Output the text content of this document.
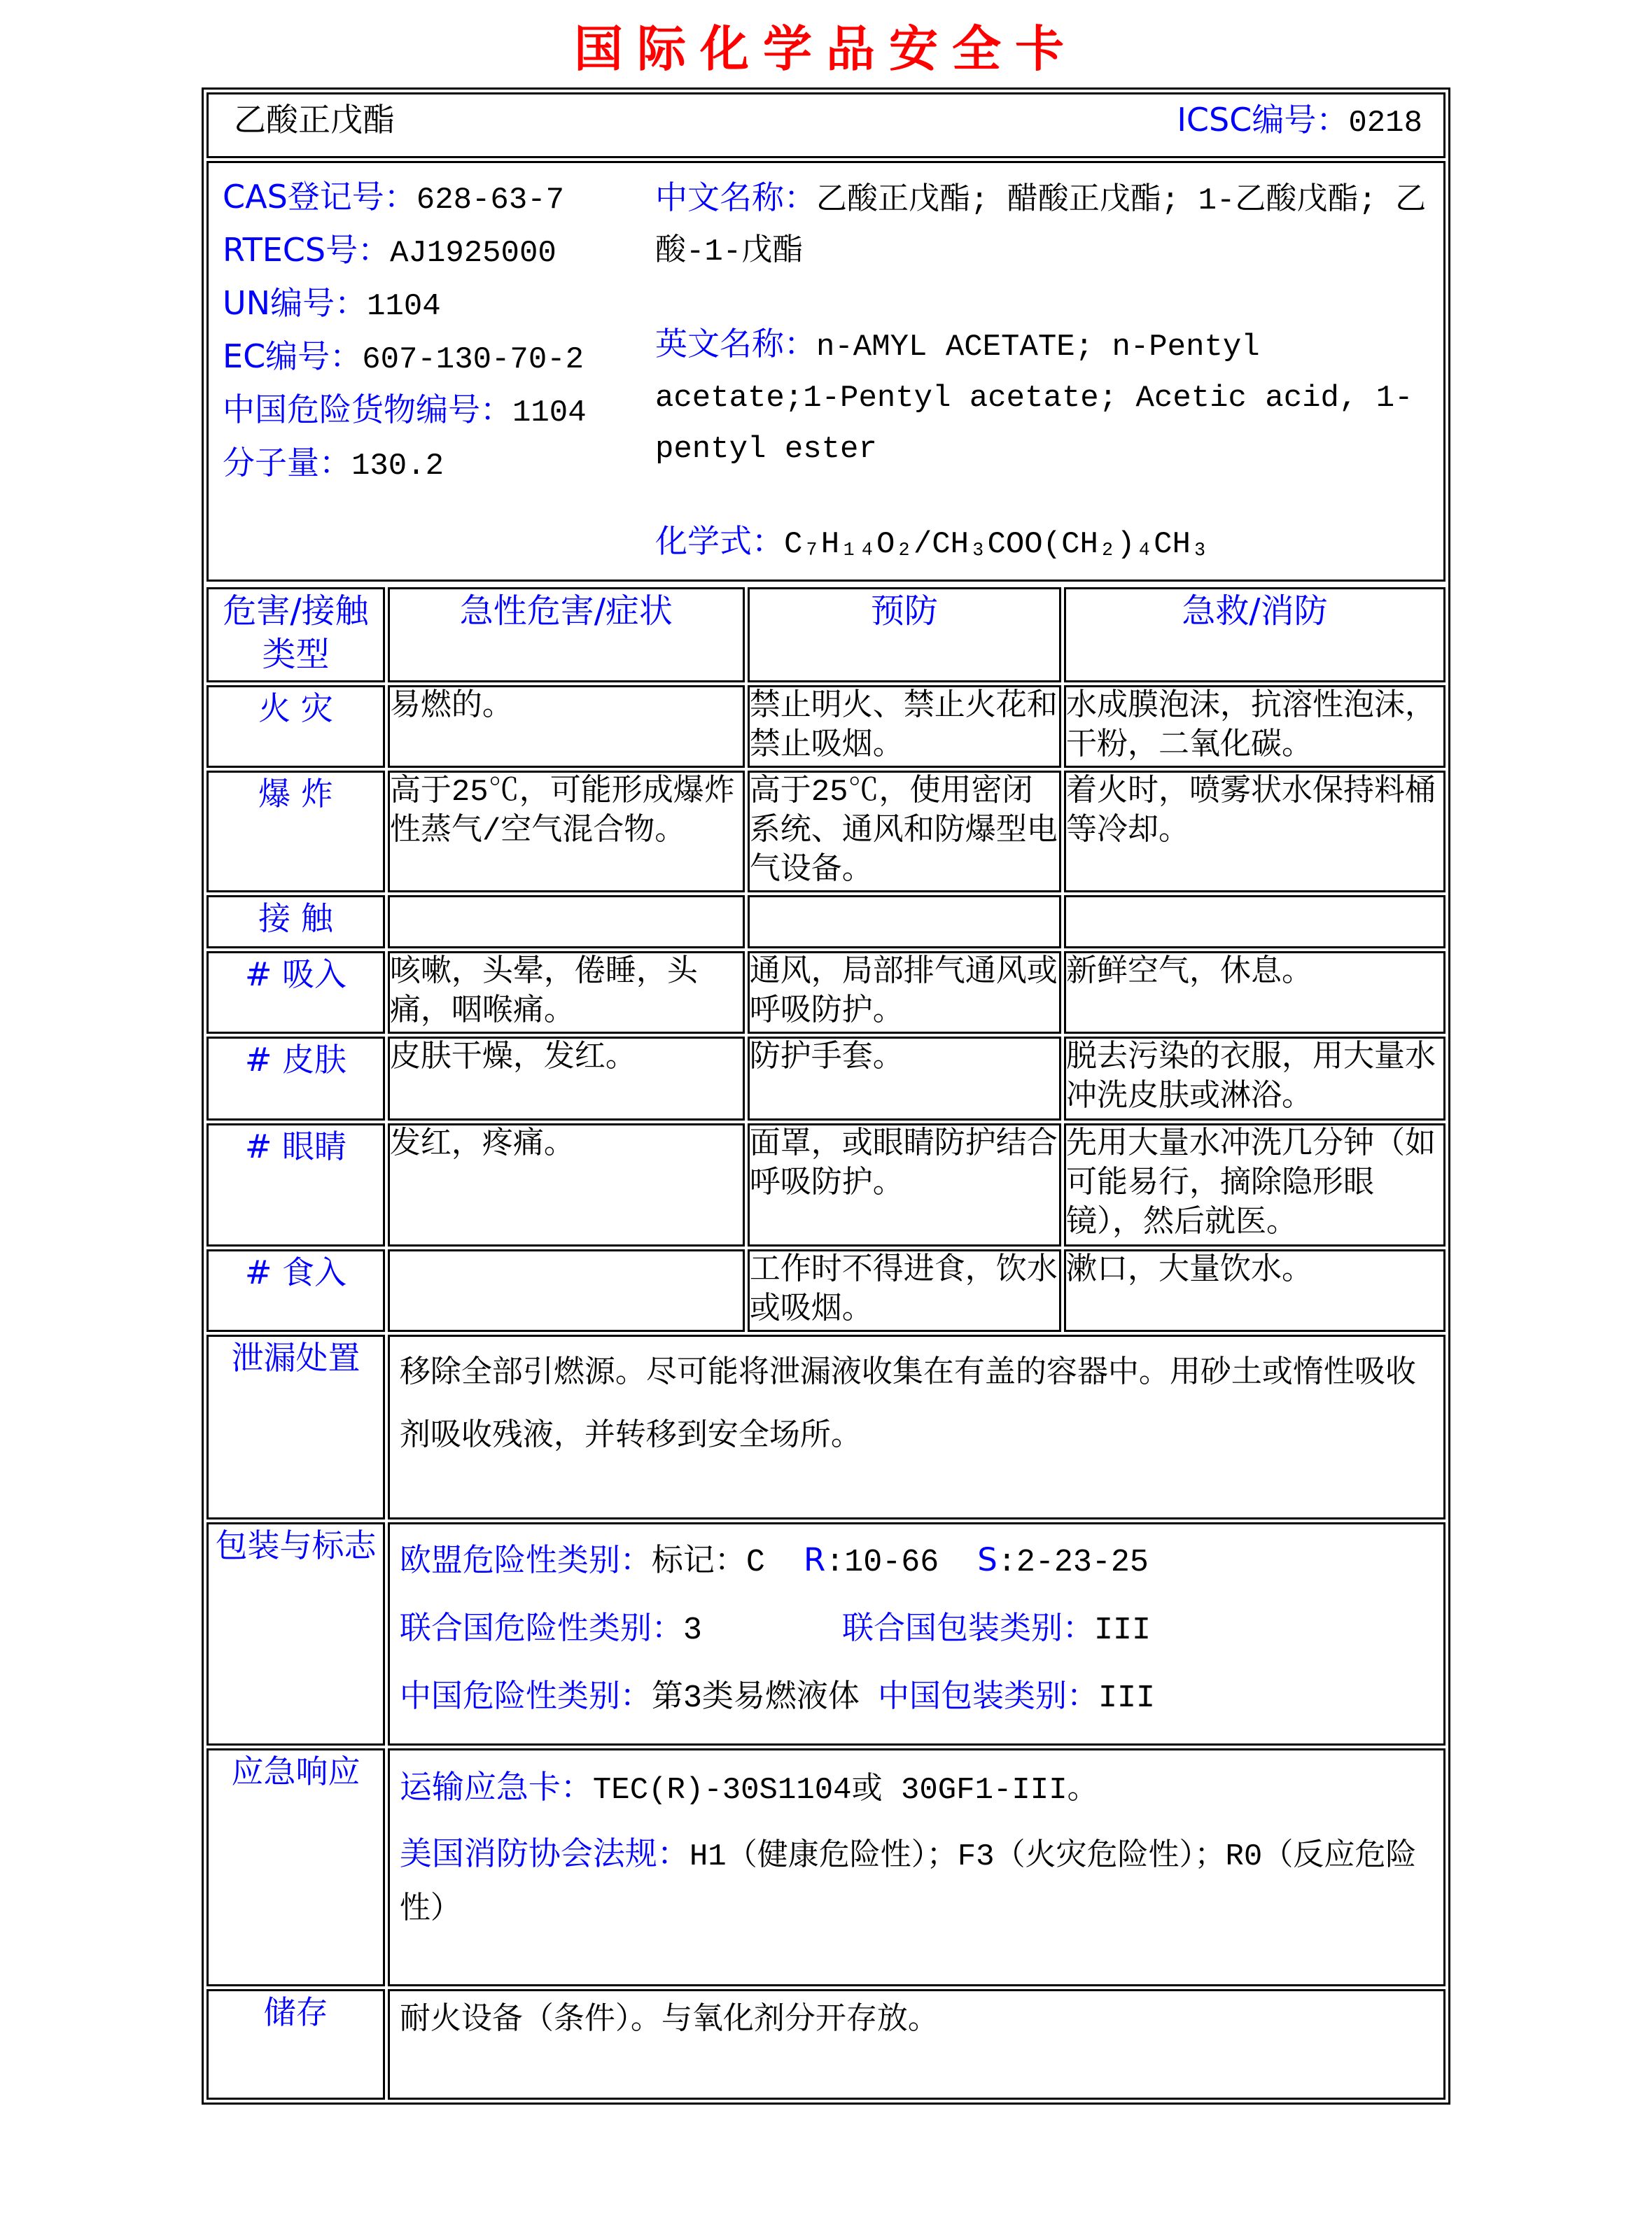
国际化学品安全卡
乙酸正戊酯	ICSC编号：0218

CAS登记号：628-63-7
RTECS号：AJ1925000
UN编号：1104
EC编号：607-130-70-2
中国危险货物编号：1104
分子量：130.2
中文名称：乙酸正戊酯; 醋酸正戊酯; 1-乙酸戊酯; 乙酸-1-戊酯
英文名称：n-AMYL ACETATE; n-Pentyl acetate;1-Pentyl acetate; Acetic acid, 1-pentyl ester
化学式：C₇H₁₄O₂/CH₃COO(CH₂)₄CH₃
危害/接触 类型	急性危害/症状	预防	急救/消防

火 灾	易燃的。	禁止明火、禁止火花和禁止吸烟。	水成膜泡沫，抗溶性泡沫，干粉，二氧化碳。
爆 炸	高于25℃，可能形成爆炸性蒸气/空气混合物。	高于25℃，使用密闭系统、通风和防爆型电气设备。	着火时，喷雾状水保持料桶等冷却。
接 触			
# 吸入	咳嗽，头晕，倦睡，头痛，咽喉痛。	通风，局部排气通风或呼吸防护。	新鲜空气，休息。
# 皮肤	皮肤干燥，发红。	防护手套。	脱去污染的衣服，用大量水冲洗皮肤或淋浴。
# 眼睛	发红，疼痛。	面罩，或眼睛防护结合呼吸防护。	先用大量水冲洗几分钟（如可能易行，摘除隐形眼镜），然后就医。
# 食入		工作时不得进食，饮水或吸烟。	漱口，大量饮水。
泄漏处置	移除全部引燃源。尽可能将泄漏液收集在有盖的容器中。用砂土或惰性吸收剂吸收残液，并转移到安全场所。		

包装与标志	欧盟危险性类别：标记：C R:10-66 S:2-23-25
联合国危险性类别：3 联合国包装类别：III
中国危险性类别：第3类易燃液体 中国包装类别：III		

应急响应	运输应急卡：TEC(R)-30S1104或 30GF1-III。
美国消防协会法规：H1（健康危险性）；F3（火灾危险性）；R0（反应危险性）		

储存	耐火设备（条件）。与氧化剂分开存放。		
